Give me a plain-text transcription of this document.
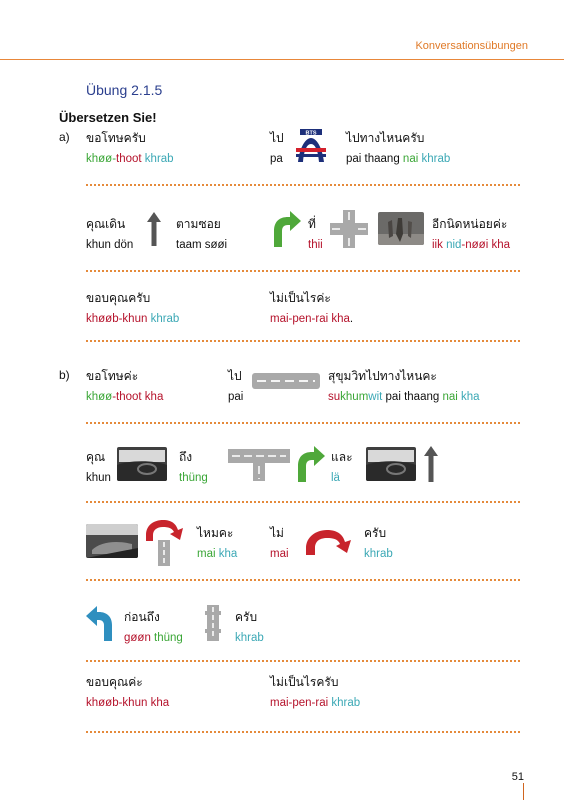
Konversationsübungen
Übung 2.1.5
Übersetzen Sie!
a) ขอโทษครับ
khøø-thoot khrab
ไป
pa
BTS ไปทางไหนครับ
pai thaang nai khrab
คุณเดิน
khun dön
ตามซอย
taam søøi
ที่
thii
อีกนิดหน่อยค่ะ
iik nid-nøøi kha
ขอบคุณครับ
khøøb-khun khrab
ไม่เป็นไรค่ะ
mai-pen-rai kha.
b) ขอโทษค่ะ
khøø-thoot kha
ไป
pai
สุขุมวิทไปทางไหนคะ
sukhumwit pai thaang nai kha
คุณ
khun
ถึง
thüng
และ
lä
ไหมคะ
mai kha
ไม่
mai
ครับ
khrab
ก่อนถึง
gøøn thüng
ครับ
khrab
ขอบคุณค่ะ
khøøb-khun kha
ไม่เป็นไรครับ
mai-pen-rai khrab
51
